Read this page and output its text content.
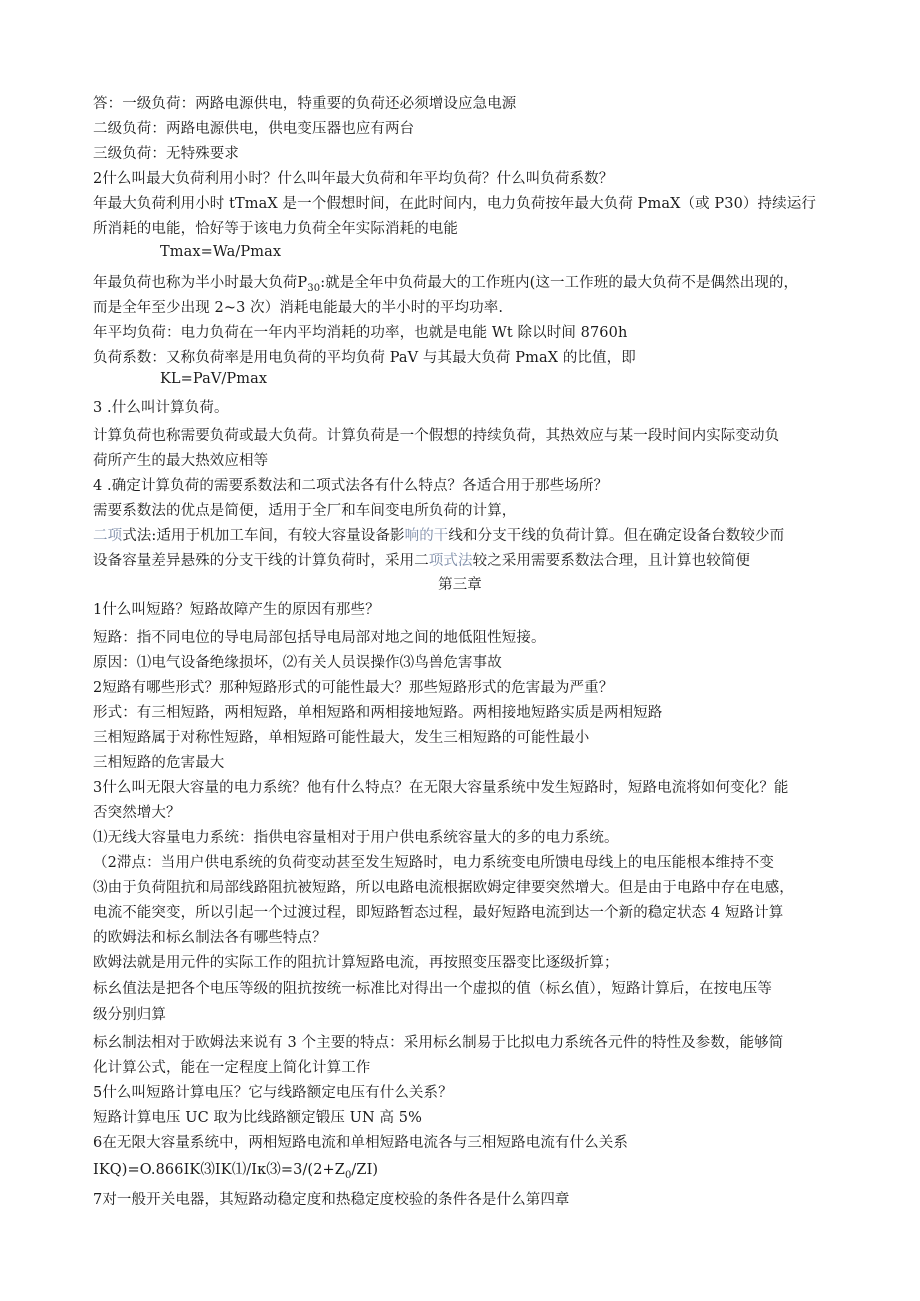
答：一级负荷：两路电源供电，特重要的负荷还必须增设应急电源
二级负荷：两路电源供电，供电变压器也应有两台
三级负荷：无特殊要求
2什么叫最大负荷利用小时？什么叫年最大负荷和年平均负荷？什么叫负荷系数？
年最大负荷利用小时 tTmaX 是一个假想时间，在此时间内，电力负荷按年最大负荷 PmaX（或 P30）持续运行
所消耗的电能，恰好等于该电力负荷全年实际消耗的电能
Tmax=Wa/Pmax
年最负荷也称为半小时最大负荷$P_{30}$:就是全年中负荷最大的工作班内(这一工作班的最大负荷不是偶然出现的，
而是全年至少出现 2~3 次）消耗电能最大的半小时的平均功率.
年平均负荷：电力负荷在一年内平均消耗的功率，也就是电能 Wt 除以时间 8760h
负荷系数：又称负荷率是用电负荷的平均负荷 PaV 与其最大负荷 PmaX 的比值，即
KL=PaV/Pmax
3 .什么叫计算负荷。
计算负荷也称需要负荷或最大负荷。计算负荷是一个假想的持续负荷，其热效应与某一段时间内实际变动负
荷所产生的最大热效应相等
4 .确定计算负荷的需要系数法和二项式法各有什么特点？各适合用于那些场所？
需要系数法的优点是简便，适用于全厂和车间变电所负荷的计算，
二项式法:适用于机加工车间，有较大容量设备影响的干线和分支干线的负荷计算。但在确定设备台数较少而
设备容量差异悬殊的分支干线的计算负荷时，采用二项式法较之采用需要系数法合理，且计算也较简便
第三章
1什么叫短路？短路故障产生的原因有那些？
短路：指不同电位的导电局部包括导电局部对地之间的地低阻性短接。
原因：⑴电气设备绝缘损坏，⑵有关人员误操作⑶鸟兽危害事故
2短路有哪些形式？那种短路形式的可能性最大？那些短路形式的危害最为严重？
形式：有三相短路，两相短路，单相短路和两相接地短路。两相接地短路实质是两相短路
三相短路属于对称性短路，单相短路可能性最大，发生三相短路的可能性最小
三相短路的危害最大
3什么叫无限大容量的电力系统？他有什么特点？在无限大容量系统中发生短路时，短路电流将如何变化？能
否突然增大？
⑴无线大容量电力系统：指供电容量相对于用户供电系统容量大的多的电力系统。
（2滞点：当用户供电系统的负荷变动甚至发生短路时，电力系统变电所馈电母线上的电压能根本维持不变
⑶由于负荷阻抗和局部线路阻抗被短路，所以电路电流根据欧姆定律要突然增大。但是由于电路中存在电感，
电流不能突变，所以引起一个过渡过程，即短路暂态过程，最好短路电流到达一个新的稳定状态 4 短路计算
的欧姆法和标幺制法各有哪些特点？
欧姆法就是用元件的实际工作的阻抗计算短路电流，再按照变压器变比逐级折算；
标幺值法是把各个电压等级的阻抗按统一标准比对得出一个虚拟的值（标幺值），短路计算后，在按电压等
级分别归算
标幺制法相对于欧姆法来说有 3 个主要的特点：采用标幺制易于比拟电力系统各元件的特性及参数，能够简
化计算公式，能在一定程度上简化计算工作
5什么叫短路计算电压？它与线路额定电压有什么关系？
短路计算电压 UC 取为比线路额定锻压 UN 高 5%
6在无限大容量系统中，两相短路电流和单相短路电流各与三相短路电流有什么关系
$IKQ)=O.866IK⑶IK⑴/I\kappa ⑶=3/(2+Z_0/ZI)$
7对一般开关电器，其短路动稳定度和热稳定度校验的条件各是什么第四章
